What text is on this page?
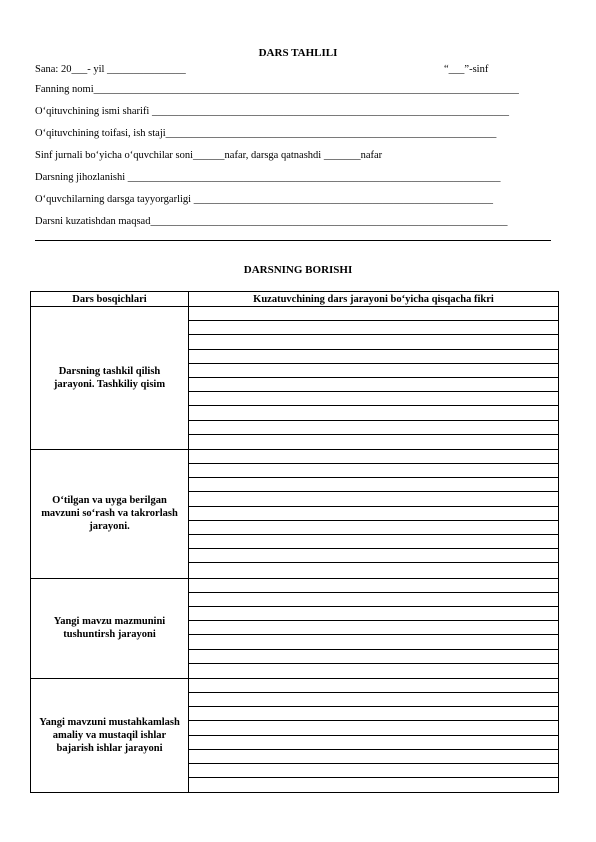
DARS TAHLILI
Sana: 20___- yil _______________	“___”-sinf
Fanning nomi_________________________________________________________________________________
O‘qituvchining ismi sharifi ____________________________________________________________________
O‘qituvchining toifasi, ish staji_______________________________________________________________
Sinf jurnali bo‘yicha o‘quvchilar soni______nafar, darsga qatnashdi _______nafar
Darsning jihozlanishi _______________________________________________________________________
O‘quvchilarning darsga tayyorgarligi _________________________________________________________
Darsni kuzatishdan maqsad____________________________________________________________________
DARSNING BORISHI
Dars bosqichlari	Kuzatuvchining dars jarayoni bo‘yicha qisqacha fikri
Darsning tashkil qilish jarayoni. Tashkiliy qisim	

O‘tilgan va uyga berilgan mavzuni so‘rash va takrorlash jarayoni.	

Yangi mavzu mazmunini tushuntirsh jarayoni	

Yangi mavzuni mustahkamlash amaliy va mustaqil ishlar bajarish ishlar jarayoni	
